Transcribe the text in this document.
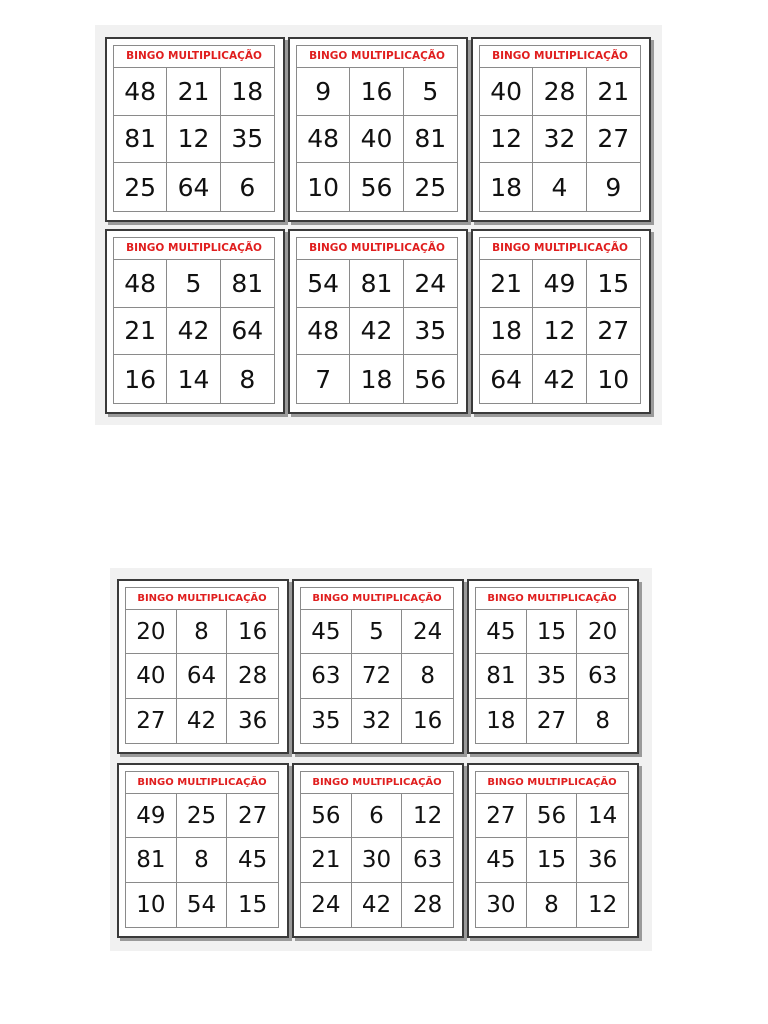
BINGO MULTIPLICAÇÃO
48 21 18
81 12 35
25 64	6
BINGO MULTIPLICAÇÃO
9	16	5
48 40 81
10 56 25
BINGO MULTIPLICAÇÃO
40 28 21
12 32 27
18	4	9
BINGO MULTIPLICAÇÃO
48	5	81
21 42 64
16 14	8
BINGO MULTIPLICAÇÃO
54 81 24
48 42 35
7	18 56
BINGO MULTIPLICAÇÃO
21 49 15
18 12 27
64 42 10
BINGO MULTIPLICAÇÃO
20	8	16
40 64 28
27 42 36
BINGO MULTIPLICAÇÃO
45	5	24
63 72	8
35 32 16
BINGO MULTIPLICAÇÃO
45 15 20
81 35 63
18 27	8
BINGO MULTIPLICAÇÃO
49 25 27
81	8	45
10 54 15
BINGO MULTIPLICAÇÃO
56	6	12
21 30 63
24 42 28
BINGO MULTIPLICAÇÃO
27 56 14
45 15 36
30	8	12
